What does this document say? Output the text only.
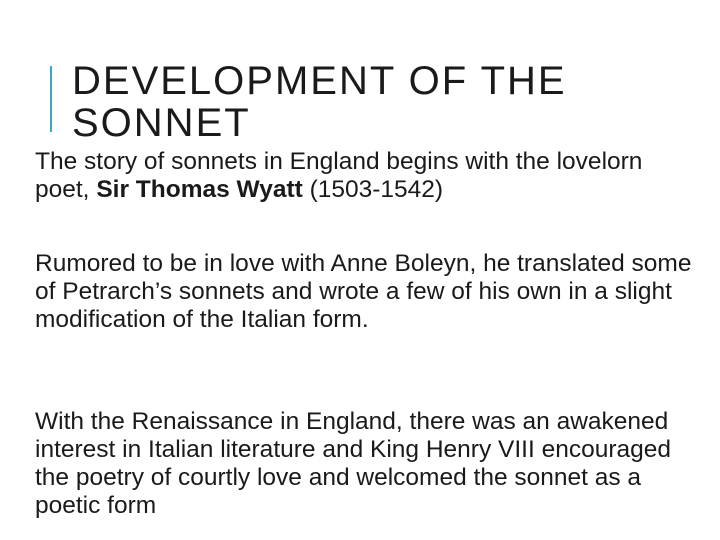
DEVELOPMENT OF THE
SONNET

The story of sonnets in England begins with the lovelorn poet, Sir Thomas Wyatt (1503-1542)

Rumored to be in love with Anne Boleyn, he translated some of Petrarch’s sonnets and wrote a few of his own in a slight modification of the Italian form.

With the Renaissance in England, there was an awakened interest in Italian literature and King Henry VIII encouraged the poetry of courtly love and welcomed the sonnet as a poetic form
